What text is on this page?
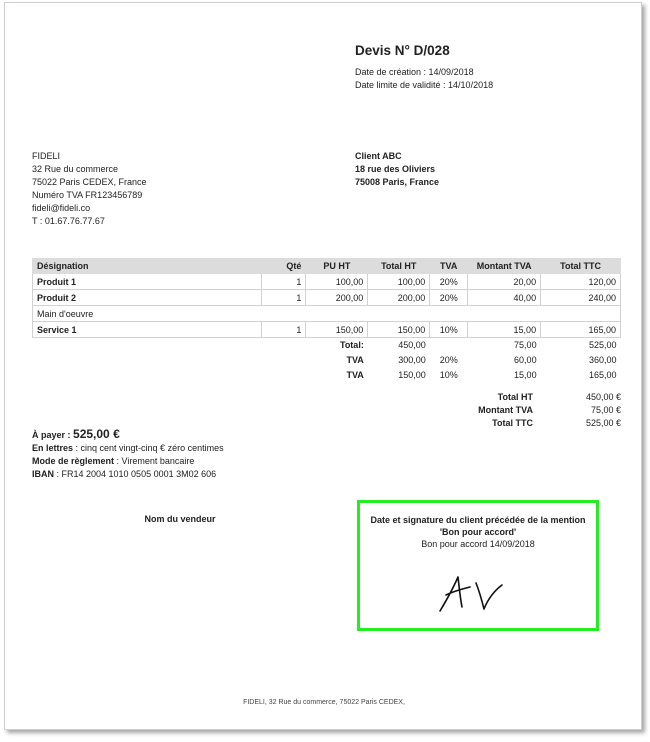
Devis N° D/028
Date de création : 14/09/2018
Date limite de validité : 14/10/2018
FIDELI
32 Rue du commerce
75022 Paris CEDEX, France
Numéro TVA FR123456789
fideli@fideli.co
T : 01.67.76.77.67
Client ABC
18 rue des Oliviers
75008 Paris, France
Désignation	Qté	PU HT	Total HT	TVA	Montant TVA	Total TTC
Produit 1	1	100,00	100,00	20%	20,00	120,00
Produit 2	1	200,00	200,00	20%	40,00	240,00
Main d'oeuvre						
Service 1	1	150,00	150,00	10%	15,00	165,00
		Total:	450,00		75,00	525,00
		TVA	300,00	20%	60,00	360,00
		TVA	150,00	10%	15,00	165,00
Total HT	450,00 €
Montant TVA	75,00 €
Total TTC	525,00 €
À payer : 525,00 €
En lettres : cinq cent vingt-cinq € zéro centimes
Mode de règlement : Virement bancaire
IBAN : FR14 2004 1010 0505 0001 3M02 606
Nom du vendeur	Date et signature du client précédée de la mention 'Bon pour accord'
Bon pour accord 14/09/2018
FIDELI, 32 Rue du commerce, 75022 Paris CEDEX,
